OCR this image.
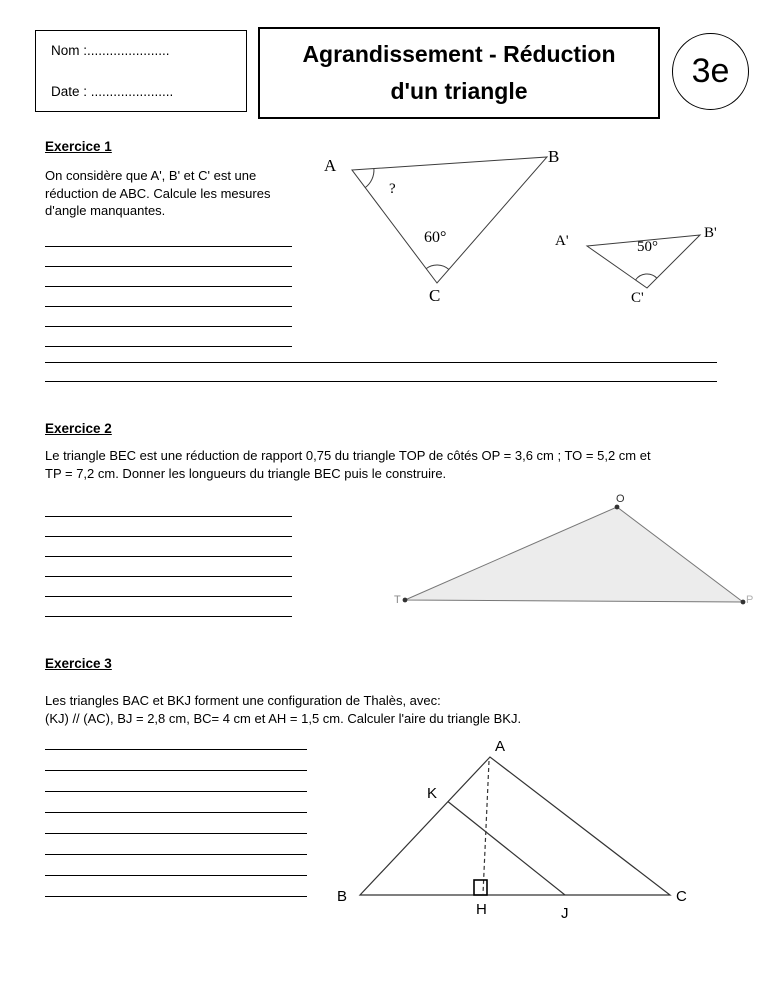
Nom :......................
Date : ......................
Agrandissement - Réduction
d'un triangle
3e
Exercice 1
On considère que A', B' et C' est une réduction de ABC. Calcule les mesures d'angle manquantes.
A	B
C
?
60°	A'	B'
C'
50°
Exercice 2
Le triangle BEC est une réduction de rapport 0,75 du triangle TOP de côtés OP = 3,6 cm ; TO = 5,2 cm et
TP = 7,2 cm. Donner les longueurs du triangle BEC puis le construire.
T
O
P
Exercice 3
Les triangles BAC et BKJ forment une configuration de Thalès, avec:
(KJ) // (AC), BJ = 2,8 cm, BC= 4 cm et AH = 1,5 cm. Calculer l'aire du triangle BKJ.
A
K
B
H	J
C
